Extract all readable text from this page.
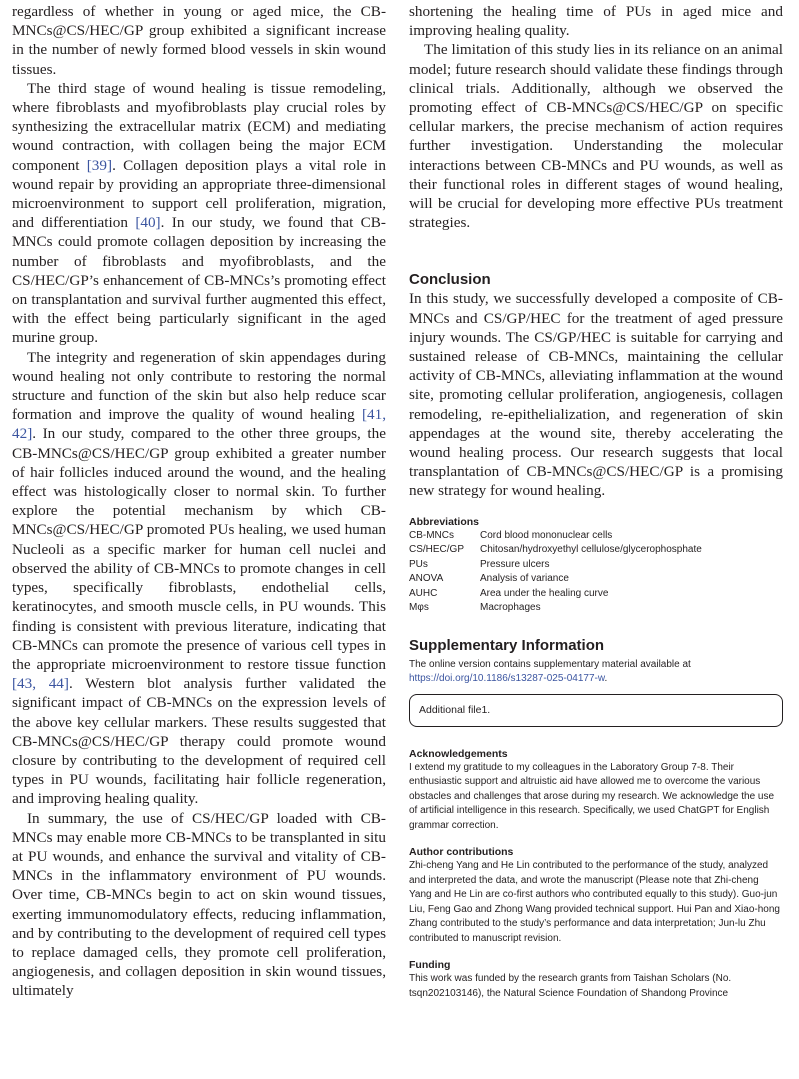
regardless of whether in young or aged mice, the CB-MNCs@CS/HEC/GP group exhibited a significant increase in the number of newly formed blood vessels in skin wound tissues.

The third stage of wound healing is tissue remodeling, where fibroblasts and myofibroblasts play crucial roles by synthesizing the extracellular matrix (ECM) and mediating wound contraction, with collagen being the major ECM component [39]. Collagen deposition plays a vital role in wound repair by providing an appropriate three-dimensional microenvironment to support cell proliferation, migration, and differentiation [40]. In our study, we found that CB-MNCs could promote collagen deposition by increasing the number of fibroblasts and myofibroblasts, and the CS/HEC/GP’s enhancement of CB-MNCs’s promoting effect on transplantation and survival further augmented this effect, with the effect being particularly significant in the aged murine group.

The integrity and regeneration of skin appendages during wound healing not only contribute to restoring the normal structure and function of the skin but also help reduce scar formation and improve the quality of wound healing [41, 42]. In our study, compared to the other three groups, the CB-MNCs@CS/HEC/GP group exhibited a greater number of hair follicles induced around the wound, and the healing effect was histologically closer to normal skin. To further explore the potential mechanism by which CB-MNCs@CS/HEC/GP promoted PUs healing, we used human Nucleoli as a specific marker for human cell nuclei and observed the ability of CB-MNCs to promote changes in cell types, specifically fibroblasts, endothelial cells, keratinocytes, and smooth muscle cells, in PU wounds. This finding is consistent with previous literature, indicating that CB-MNCs can promote the presence of various cell types in the appropriate microenvironment to restore tissue function [43, 44]. Western blot analysis further validated the significant impact of CB-MNCs on the expression levels of the above key cellular markers. These results suggested that CB-MNCs@CS/HEC/GP therapy could promote wound closure by contributing to the development of required cell types in PU wounds, facilitating hair follicle regeneration, and improving healing quality.

In summary, the use of CS/HEC/GP loaded with CB-MNCs may enable more CB-MNCs to be transplanted in situ at PU wounds, and enhance the survival and vitality of CB-MNCs in the inflammatory environment of PU wounds. Over time, CB-MNCs begin to act on skin wound tissues, exerting immunomodulatory effects, reducing inflammation, and by contributing to the development of required cell types to replace damaged cells, they promote cell proliferation, angiogenesis, and collagen deposition in skin wound tissues, ultimately

shortening the healing time of PUs in aged mice and improving healing quality.

The limitation of this study lies in its reliance on an animal model; future research should validate these findings through clinical trials. Additionally, although we observed the promoting effect of CB-MNCs@CS/HEC/GP on specific cellular markers, the precise mechanism of action requires further investigation. Understanding the molecular interactions between CB-MNCs and PU wounds, as well as their functional roles in different stages of wound healing, will be crucial for developing more effective PUs treatment strategies.

Conclusion

In this study, we successfully developed a composite of CB-MNCs and CS/GP/HEC for the treatment of aged pressure injury wounds. The CS/GP/HEC is suitable for carrying and sustained release of CB-MNCs, maintaining the cellular activity of CB-MNCs, alleviating inflammation at the wound site, promoting cellular proliferation, angiogenesis, collagen remodeling, re-epithelialization, and regeneration of skin appendages at the wound site, thereby accelerating the wound healing process. Our research suggests that local transplantation of CB-MNCs@CS/HEC/GP is a promising new strategy for wound healing.

Abbreviations
CB-MNCs	Cord blood mononuclear cells
CS/HEC/GP	Chitosan/hydroxyethyl cellulose/glycerophosphate
PUs	Pressure ulcers
ANOVA	Analysis of variance
AUHC	Area under the healing curve
Mφs	Macrophages
Supplementary Information

The online version contains supplementary material available at https://doi.org/10.1186/s13287-025-04177-w.

Additional file1.
Acknowledgements

I extend my gratitude to my colleagues in the Laboratory Group 7-8. Their enthusiastic support and altruistic aid have allowed me to overcome the various obstacles and challenges that arose during my research. We acknowledge the use of artificial intelligence in this research. Specifically, we used ChatGPT for English grammar correction.

Author contributions

Zhi-cheng Yang and He Lin contributed to the performance of the study, analyzed and interpreted the data, and wrote the manuscript (Please note that Zhi-cheng Yang and He Lin are co-first authors who contributed equally to this study). Guo-jun Liu, Feng Gao and Zhong Wang provided technical support. Hui Pan and Xiao-hong Zhang contributed to the study’s performance and data interpretation; Jun-lu Zhu contributed to manuscript revision.

Funding

This work was funded by the research grants from Taishan Scholars (No. tsqn202103146), the Natural Science Foundation of Shandong Province
